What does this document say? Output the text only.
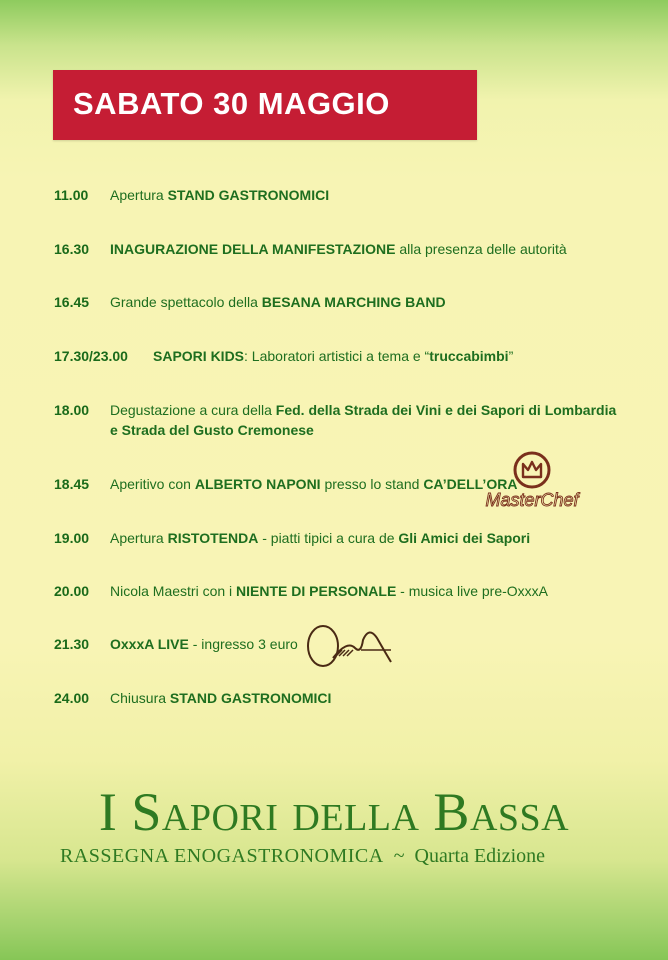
SABATO 30 MAGGIO
11.00 Apertura STAND GASTRONOMICI
16.30 INAGURAZIONE DELLA MANIFESTAZIONE alla presenza delle autorità
16.45 Grande spettacolo della BESANA MARCHING BAND
17.30/23.00 SAPORI KIDS: Laboratori artistici a tema e “truccabimbi”
18.00 Degustazione a cura della Fed. della Strada dei Vini e dei Sapori di Lombardia
e Strada del Gusto Cremonese
18.45 Aperitivo con ALBERTO NAPONI presso lo stand CA’DELL’ORA
19.00 Apertura RISTOTENDA - piatti tipici a cura de Gli Amici dei Sapori
20.00 Nicola Maestri con i NIENTE DI PERSONALE - musica live pre-OxxxA
21.30 OxxxA LIVE - ingresso 3 euro
24.00 Chiusura STAND GASTRONOMICI
MasterChef
OxxxA
I Sapori della Bassa
RASSEGNA ENOGASTRONOMICA ~ Quarta Edizione
